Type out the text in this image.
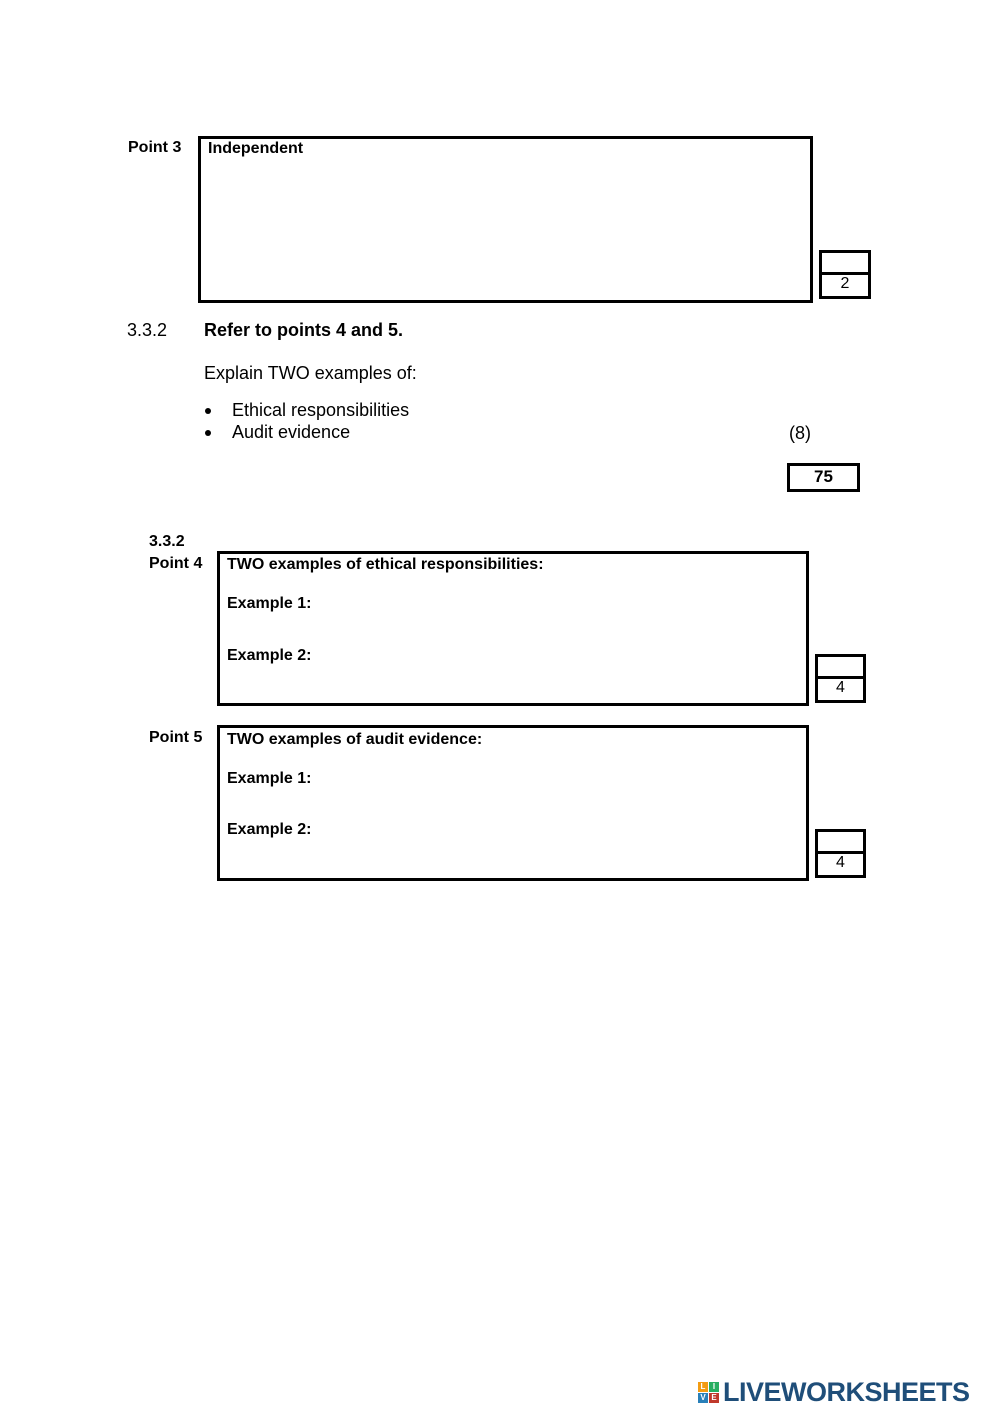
Point 3 Independent
2
3.3.2 Refer to points 4 and 5.
Explain TWO examples of:
Ethical responsibilities
Audit evidence	(8)
75
3.3.2
Point 4 TWO examples of ethical responsibilities:
Example 1:
Example 2:
4
Point 5 TWO examples of audit evidence:
Example 1:
Example 2:
4
L I
V E LIVEWORKSHEETS
